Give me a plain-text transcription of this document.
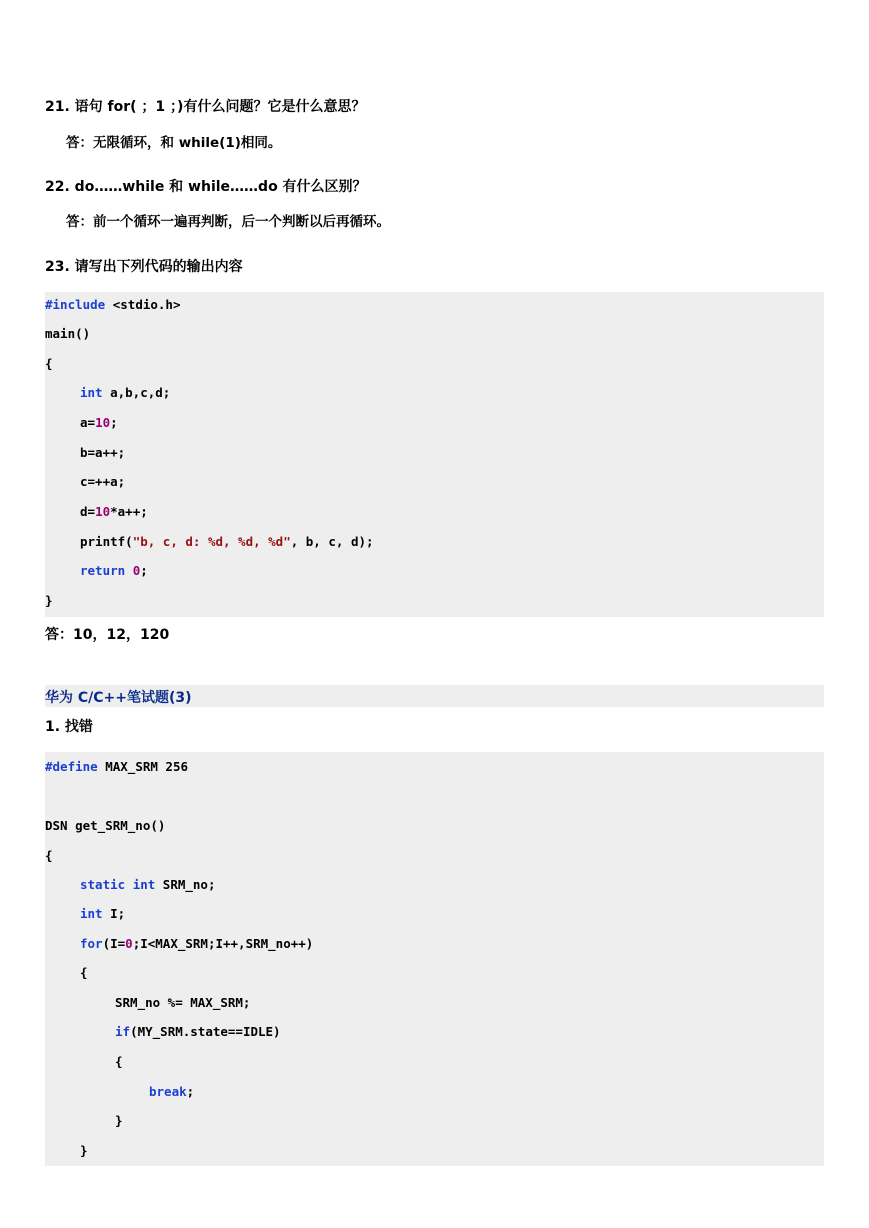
21. 语句 for( ；1 ；)有什么问题？它是什么意思？
答：无限循环，和 while(1)相同。
22. do……while 和 while……do 有什么区别？
答：前一个循环一遍再判断，后一个判断以后再循环。
23. 请写出下列代码的输出内容
#include <stdio.h>
main()
{
int a,b,c,d;
a=10;
b=a++;
c=++a;
d=10*a++;
printf("b, c, d: %d, %d, %d", b, c, d);
return 0;
}
答：10，12，120
华为 C/C++笔试题(3)
1. 找错
#define MAX_SRM 256
DSN get_SRM_no()
{
static int SRM_no;
int I;
for(I=0;I<MAX_SRM;I++,SRM_no++)
{
SRM_no %= MAX_SRM;
if(MY_SRM.state==IDLE)
{
break;
}
}
